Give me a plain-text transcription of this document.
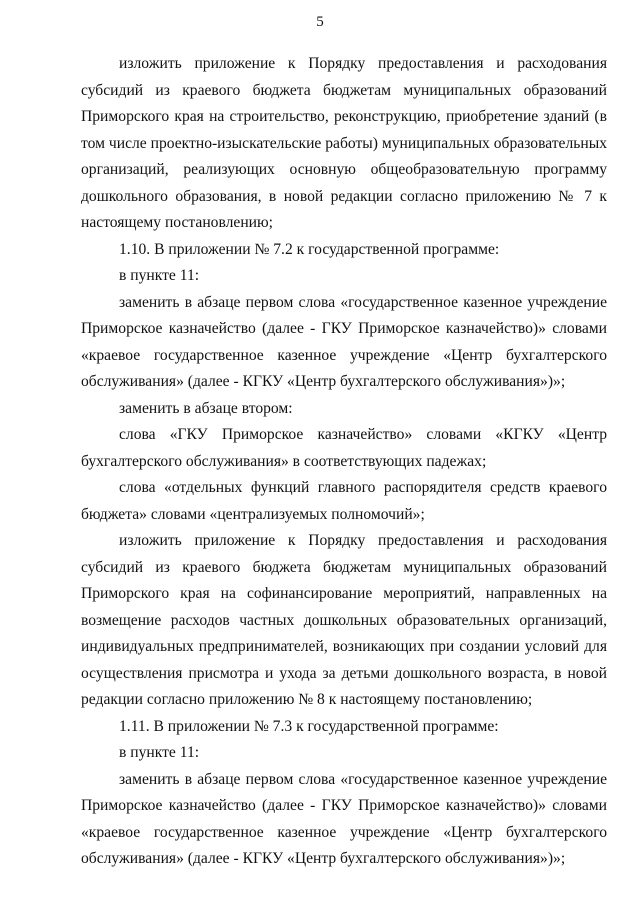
5

изложить приложение к Порядку предоставления и расходования субсидий из краевого бюджета бюджетам муниципальных образований Приморского края на строительство, реконструкцию, приобретение зданий (в том числе проектно-изыскательские работы) муниципальных образовательных организаций, реализующих основную общеобразовательную программу дошкольного образования, в новой редакции согласно приложению № 7 к настоящему постановлению;

1.10. В приложении № 7.2 к государственной программе:

в пункте 11:

заменить в абзаце первом слова «государственное казенное учреждение Приморское казначейство (далее - ГКУ Приморское казначейство)» словами «краевое государственное казенное учреждение «Центр бухгалтерского обслуживания» (далее - КГКУ «Центр бухгалтерского обслуживания»)»;

заменить в абзаце втором:

слова «ГКУ Приморское казначейство» словами «КГКУ «Центр бухгалтерского обслуживания» в соответствующих падежах;

слова «отдельных функций главного распорядителя средств краевого бюджета» словами «централизуемых полномочий»;

изложить приложение к Порядку предоставления и расходования субсидий из краевого бюджета бюджетам муниципальных образований Приморского края на софинансирование мероприятий, направленных на возмещение расходов частных дошкольных образовательных организаций, индивидуальных предпринимателей, возникающих при создании условий для осуществления присмотра и ухода за детьми дошкольного возраста, в новой редакции согласно приложению № 8 к настоящему постановлению;

1.11. В приложении № 7.3 к государственной программе:

в пункте 11:

заменить в абзаце первом слова «государственное казенное учреждение Приморское казначейство (далее - ГКУ Приморское казначейство)» словами «краевое государственное казенное учреждение «Центр бухгалтерского обслуживания» (далее - КГКУ «Центр бухгалтерского обслуживания»)»;
